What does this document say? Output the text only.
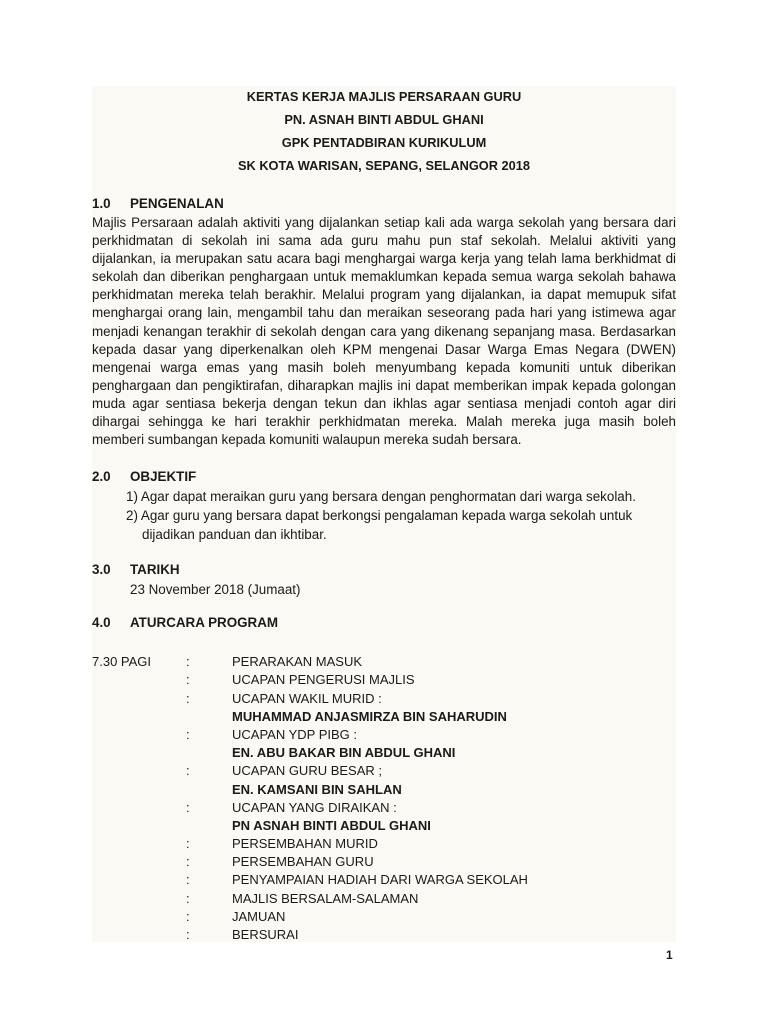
KERTAS KERJA MAJLIS PERSARAAN GURU
PN. ASNAH BINTI ABDUL GHANI
GPK PENTADBIRAN KURIKULUM
SK KOTA WARISAN, SEPANG, SELANGOR 2018
1.0 PENGENALAN

Majlis Persaraan adalah aktiviti yang dijalankan setiap kali ada warga sekolah yang bersara dari perkhidmatan di sekolah ini sama ada guru mahu pun staf sekolah. Melalui aktiviti yang dijalankan, ia merupakan satu acara bagi menghargai warga kerja yang telah lama berkhidmat di sekolah dan diberikan penghargaan untuk memaklumkan kepada semua warga sekolah bahawa perkhidmatan mereka telah berakhir. Melalui program yang dijalankan, ia dapat memupuk sifat menghargai orang lain, mengambil tahu dan meraikan seseorang pada hari yang istimewa agar menjadi kenangan terakhir di sekolah dengan cara yang dikenang sepanjang masa. Berdasarkan kepada dasar yang diperkenalkan oleh KPM mengenai Dasar Warga Emas Negara (DWEN) mengenai warga emas yang masih boleh menyumbang kepada komuniti untuk diberikan penghargaan dan pengiktirafan, diharapkan majlis ini dapat memberikan impak kepada golongan muda agar sentiasa bekerja dengan tekun dan ikhlas agar sentiasa menjadi contoh agar diri dihargai sehingga ke hari terakhir perkhidmatan mereka. Malah mereka juga masih boleh memberi sumbangan kepada komuniti walaupun mereka sudah bersara.

2.0 OBJEKTIF
1) Agar dapat meraikan guru yang bersara dengan penghormatan dari warga sekolah.
2) Agar guru yang bersara dapat berkongsi pengalaman kepada warga sekolah untuk
dijadikan panduan dan ikhtibar.
3.0 TARIKH
23 November 2018 (Jumaat)
4.0 ATURCARA PROGRAM
7.30 PAGI	:	PERARAKAN MASUK
:	UCAPAN PENGERUSI MAJLIS
:	UCAPAN WAKIL MURID :
MUHAMMAD ANJASMIRZA BIN SAHARUDIN
:	UCAPAN YDP PIBG :
EN. ABU BAKAR BIN ABDUL GHANI
:	UCAPAN GURU BESAR ;
EN. KAMSANI BIN SAHLAN
:	UCAPAN YANG DIRAIKAN :
PN ASNAH BINTI ABDUL GHANI
:	PERSEMBAHAN MURID
:	PERSEMBAHAN GURU
:	PENYAMPAIAN HADIAH DARI WARGA SEKOLAH
:	MAJLIS BERSALAM-SALAMAN
:	JAMUAN
:	BERSURAI
1
